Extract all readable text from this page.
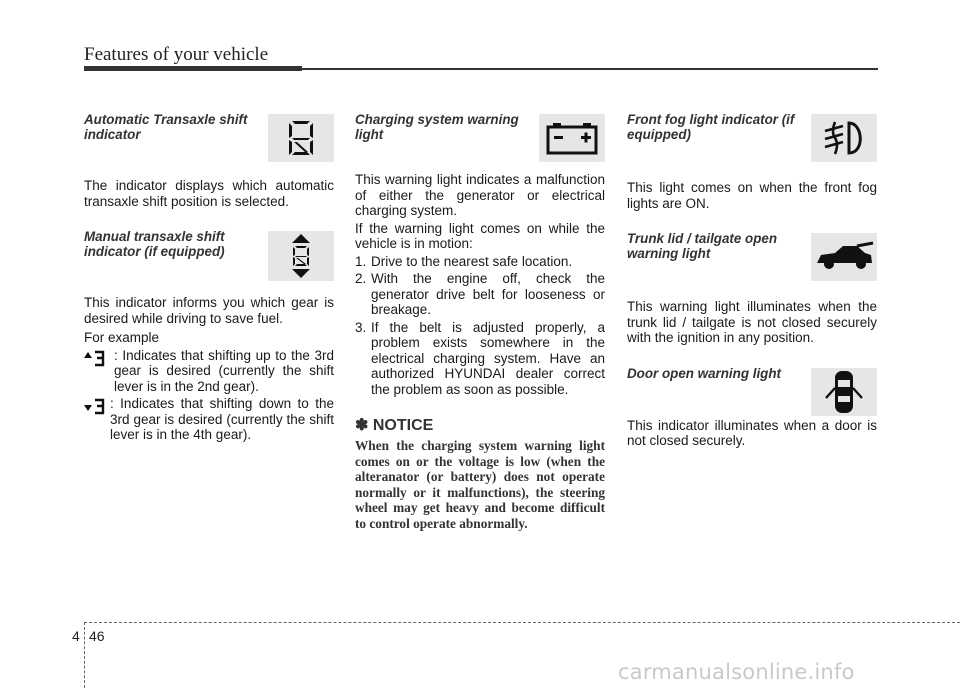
Features of your vehicle
Automatic Transaxle shift indicator
The indicator displays which automatic transaxle shift position is selected.
Manual transaxle shift indicator (if equipped)
This indicator informs you which gear is desired while driving to save fuel.
For example
: Indicates that shifting up to the 3rd gear is desired (currently the shift lever is in the 2nd gear).
: Indicates that shifting down to the 3rd gear is desired (currently the shift lever is in the 4th gear).
Charging system warning light
This warning light indicates a malfunction of either the generator or electrical charging system.
If the warning light comes on while the vehicle is in motion:
1. Drive to the nearest safe location.
2. With the engine off, check the generator drive belt for looseness or breakage.
3. If the belt is adjusted properly, a problem exists somewhere in the electrical charging system. Have an authorized HYUNDAI dealer correct the problem as soon as possible.
✽ NOTICE
When the charging system warning light comes on or the voltage is low (when the alteranator (or battery) does not operate normally or it malfunctions), the steering wheel may get heavy and become difficult to control operate abnormally.
Front fog light indicator (if equipped)
This light comes on when the front fog lights are ON.
Trunk lid / tailgate open warning light
This warning light illuminates when the trunk lid / tailgate is not closed securely with the ignition in any position.
Door open warning light
This indicator illuminates when a door is not closed securely.
4 46
carmanualsonline.info
